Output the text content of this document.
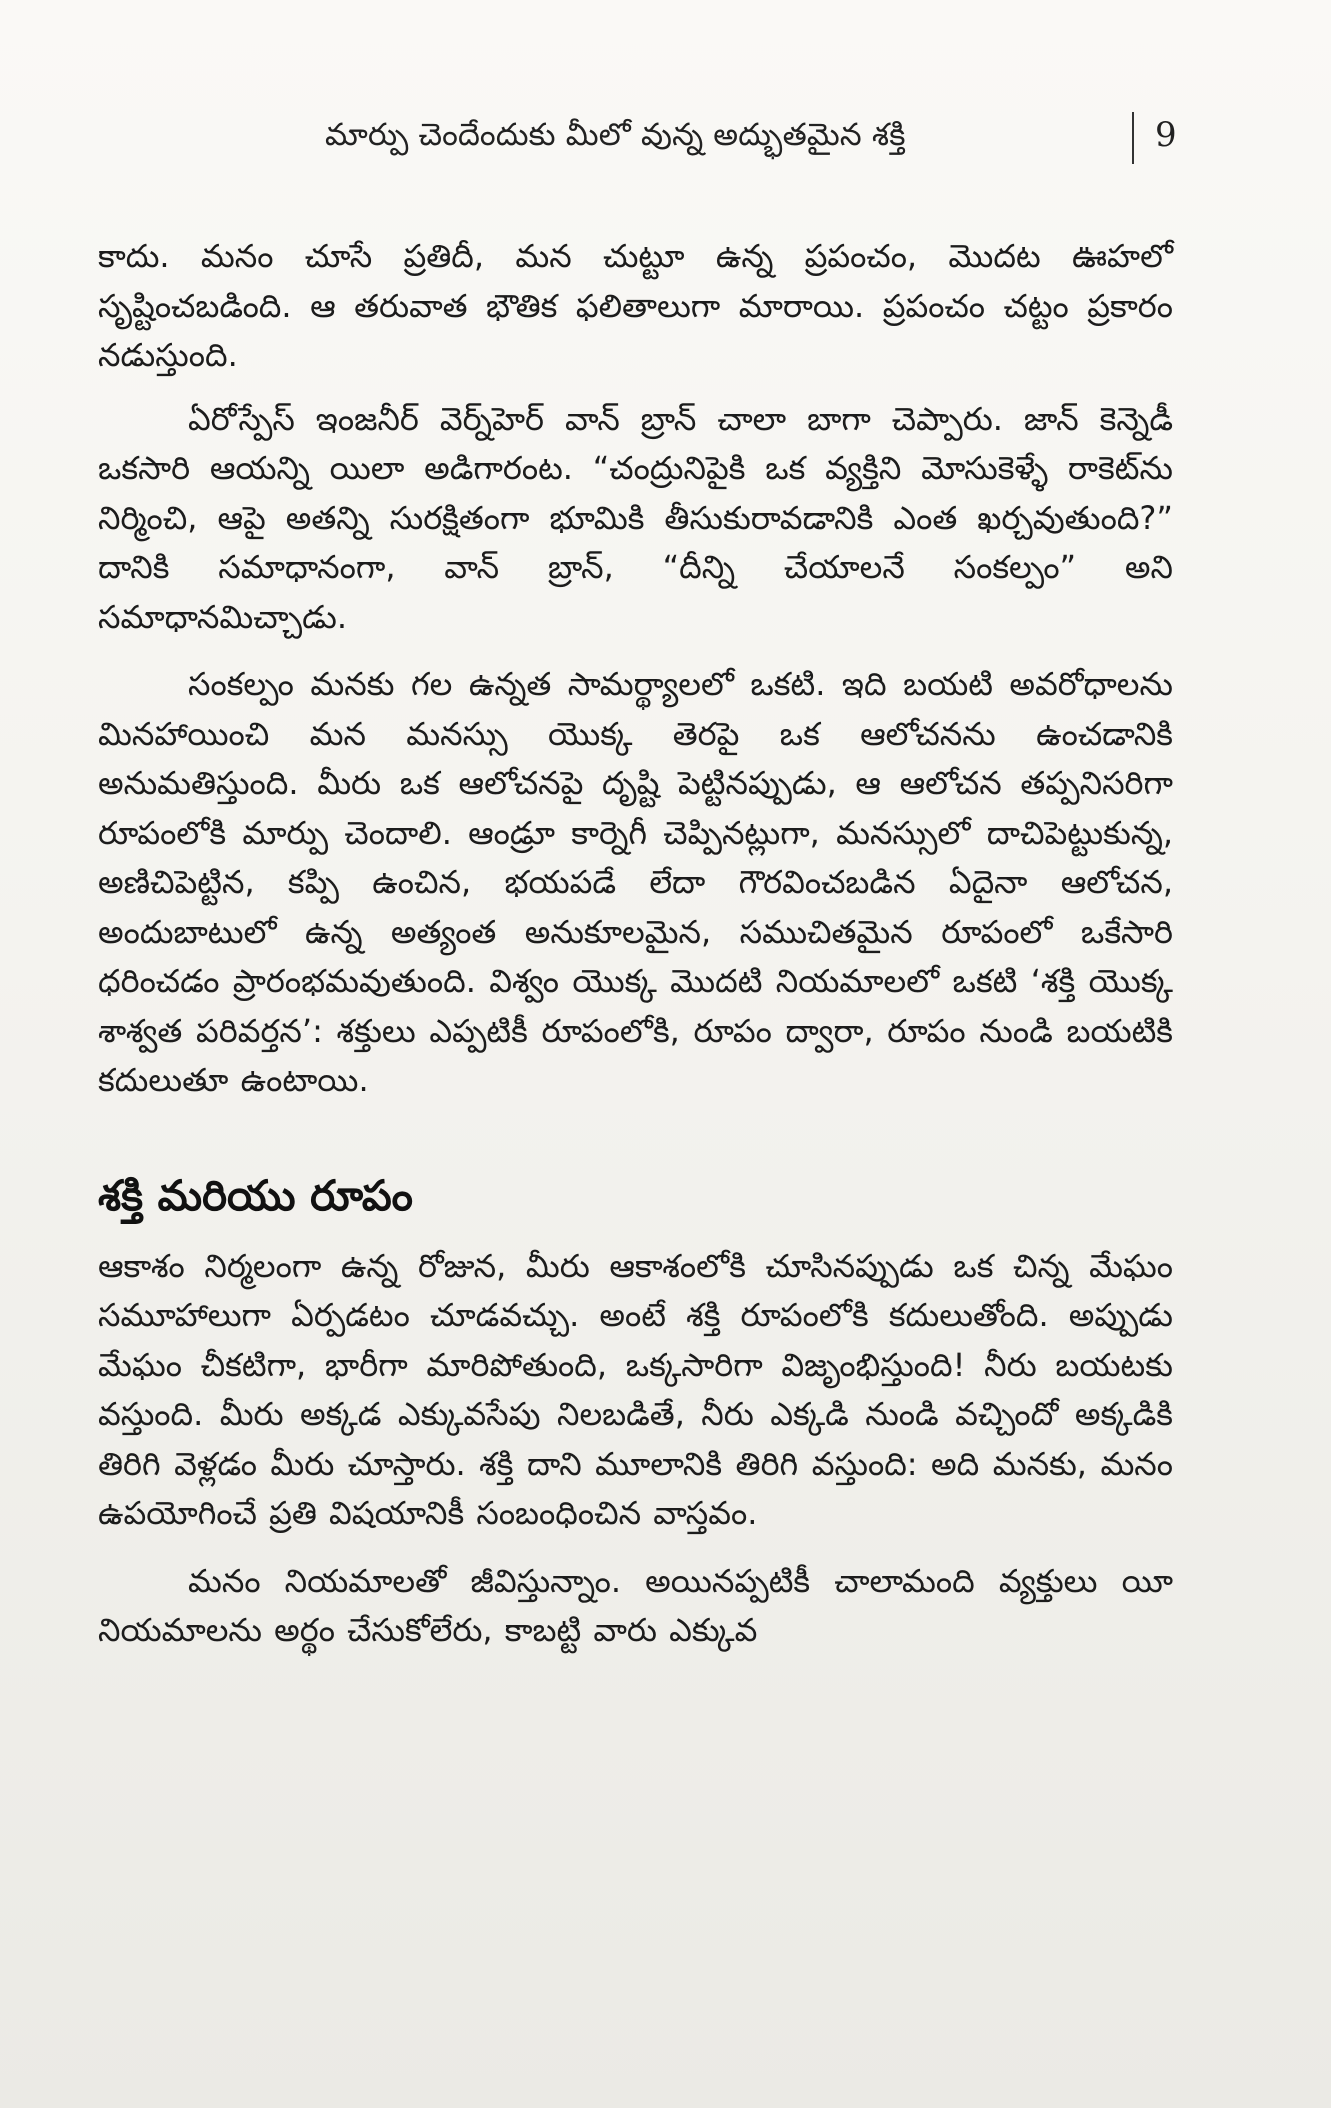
మార్పు చెందేందుకు మీలో వున్న అద్భుతమైన శక్తి	9

కాదు. మనం చూసే ప్రతిదీ, మన చుట్టూ ఉన్న ప్రపంచం, మొదట ఊహలో సృష్టించబడింది. ఆ తరువాత భౌతిక ఫలితాలుగా మారాయి. ప్రపంచం చట్టం ప్రకారం నడుస్తుంది.

ఏరోస్పేస్ ఇంజనీర్ వెర్న్‌హెర్ వాన్ బ్రాన్ చాలా బాగా చెప్పారు. జాన్ కెన్నెడీ ఒకసారి ఆయన్ని యిలా అడిగారంట. “చంద్రునిపైకి ఒక వ్యక్తిని మోసుకెళ్ళే రాకెట్‌ను నిర్మించి, ఆపై అతన్ని సురక్షితంగా భూమికి తీసుకురావడానికి ఎంత ఖర్చవుతుంది?” దానికి సమాధానంగా, వాన్ బ్రాన్, “దీన్ని చేయాలనే సంకల్పం” అని సమాధానమిచ్చాడు.

సంకల్పం మనకు గల ఉన్నత సామర్థ్యాలలో ఒకటి. ఇది బయటి అవరోధాలను మినహాయించి మన మనస్సు యొక్క తెరపై ఒక ఆలోచనను ఉంచడానికి అనుమతిస్తుంది. మీరు ఒక ఆలోచనపై దృష్టి పెట్టినప్పుడు, ఆ ఆలోచన తప్పనిసరిగా రూపంలోకి మార్పు చెందాలి. ఆండ్రూ కార్నెగీ చెప్పినట్లుగా, మనస్సులో దాచిపెట్టుకున్న, అణిచిపెట్టిన, కప్పి ఉంచిన, భయపడే లేదా గౌరవించబడిన ఏదైనా ఆలోచన, అందుబాటులో ఉన్న అత్యంత అనుకూలమైన, సముచితమైన రూపంలో ఒకేసారి ధరించడం ప్రారంభమవుతుంది. విశ్వం యొక్క మొదటి నియమాలలో ఒకటి ‘శక్తి యొక్క శాశ్వత పరివర్తన’: శక్తులు ఎప్పటికీ రూపంలోకి, రూపం ద్వారా, రూపం నుండి బయటికి కదులుతూ ఉంటాయి.

శక్తి మరియు రూపం

ఆకాశం నిర్మలంగా ఉన్న రోజున, మీరు ఆకాశంలోకి చూసినప్పుడు ఒక చిన్న మేఘం సమూహాలుగా ఏర్పడటం చూడవచ్చు. అంటే శక్తి రూపంలోకి కదులుతోంది. అప్పుడు మేఘం చీకటిగా, భారీగా మారిపోతుంది, ఒక్కసారిగా విజృంభిస్తుంది! నీరు బయటకు వస్తుంది. మీరు అక్కడ ఎక్కువసేపు నిలబడితే, నీరు ఎక్కడి నుండి వచ్చిందో అక్కడికి తిరిగి వెళ్లడం మీరు చూస్తారు. శక్తి దాని మూలానికి తిరిగి వస్తుంది: అది మనకు, మనం ఉపయోగించే ప్రతి విషయానికీ సంబంధించిన వాస్తవం.

మనం నియమాలతో జీవిస్తున్నాం. అయినప్పటికీ చాలామంది వ్యక్తులు యీ నియమాలను అర్థం చేసుకోలేరు, కాబట్టి వారు ఎక్కువ
